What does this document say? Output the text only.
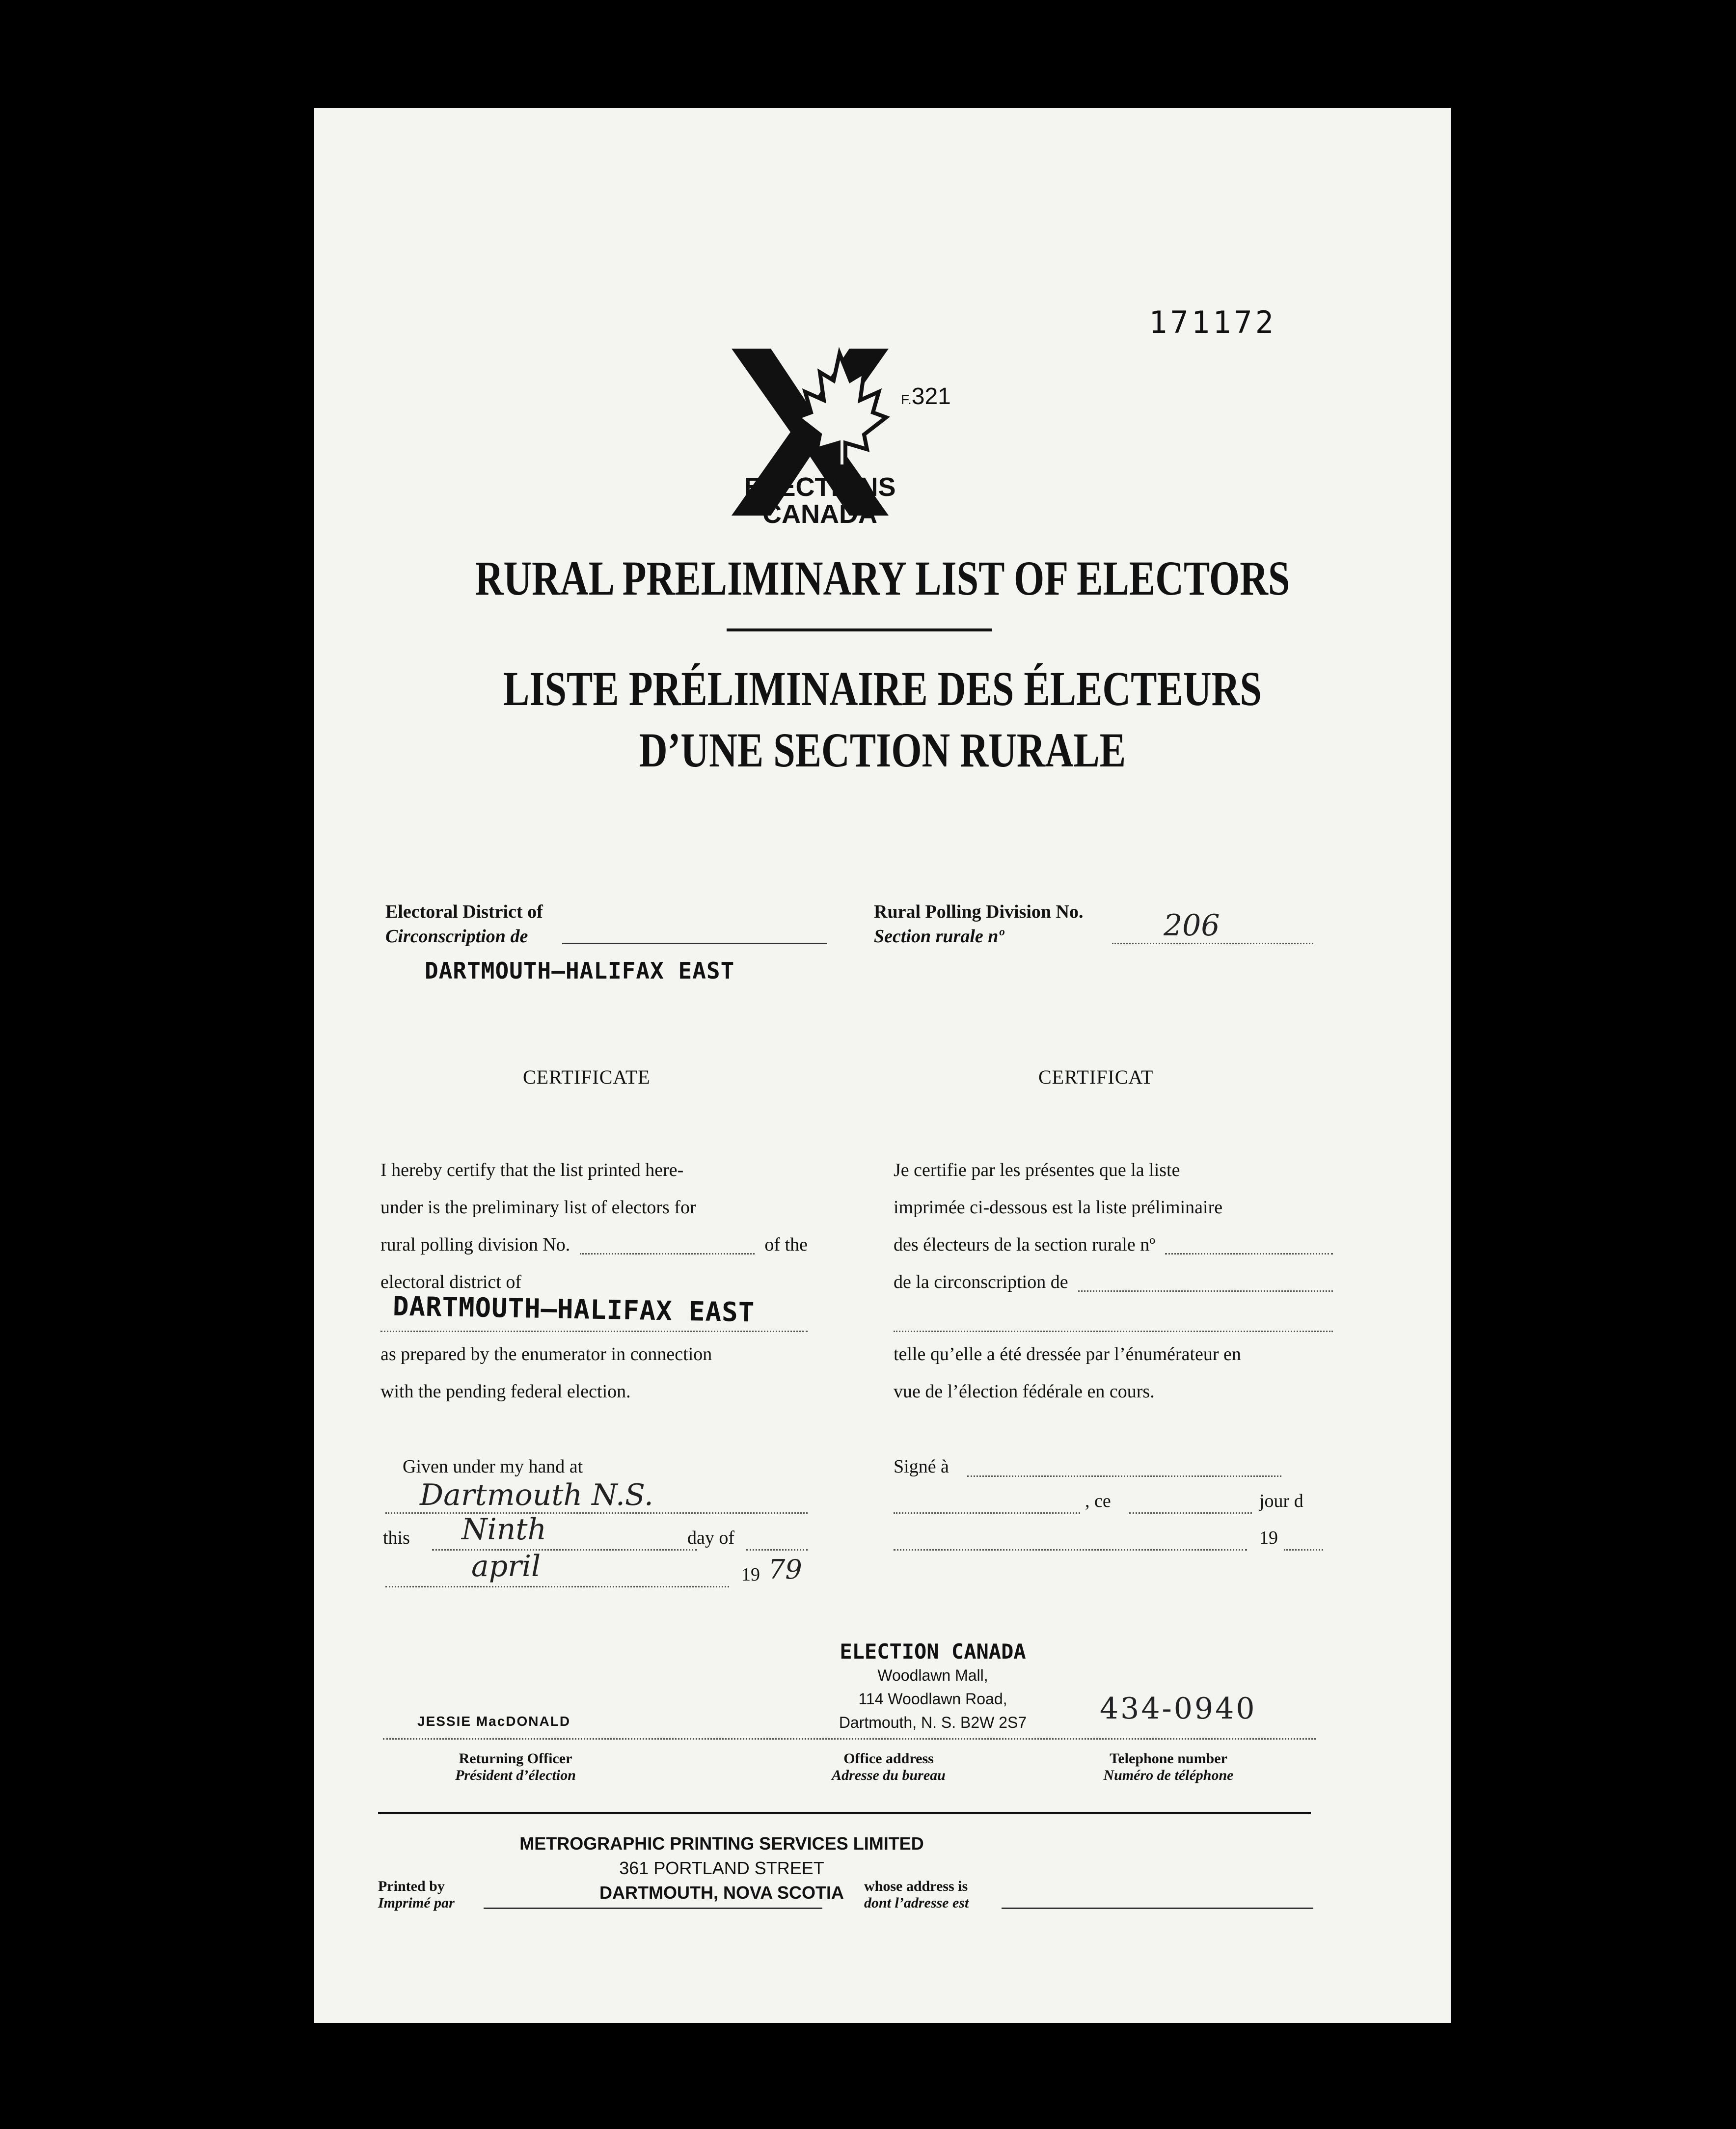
171172
ELECTIONS
CANADA
F.321
RURAL PRELIMINARY LIST OF ELECTORS
LISTE PRÉLIMINAIRE DES ÉLECTEURS
D’UNE SECTION RURALE
Electoral District of
Circonscription de
DARTMOUTH–HALIFAX EAST
Rural Polling Division No.
Section rurale nº	206
CERTIFICATE	CERTIFICAT
I hereby certify that the list printed here-
under is the preliminary list of electors for
rural polling division No.	of the
electoral district of
DARTMOUTH–HALIFAX EAST
as prepared by the enumerator in connection
with the pending federal election.
Given under my hand at
Dartmouth N.S.
this Ninth	day of
april	19 79
Je certifie par les présentes que la liste
imprimée ci-dessous est la liste préliminaire
des électeurs de la section rurale nº
de la circonscription de
telle qu’elle a été dressée par l’énumérateur en
vue de l’élection fédérale en cours.
Signé à
, ce	jour d
19
JESSIE MacDONALD
ELECTION CANADA
Woodlawn Mall,
114 Woodlawn Road,
Dartmouth, N. S. B2W 2S7	434-0940
Returning Officer
Président d’élection
Office address
Adresse du bureau
Telephone number
Numéro de téléphone
Printed by
Imprimé par
METROGRAPHIC PRINTING SERVICES LIMITED
361 PORTLAND STREET
DARTMOUTH, NOVA SCOTIA	whose address is
dont l’adresse est
